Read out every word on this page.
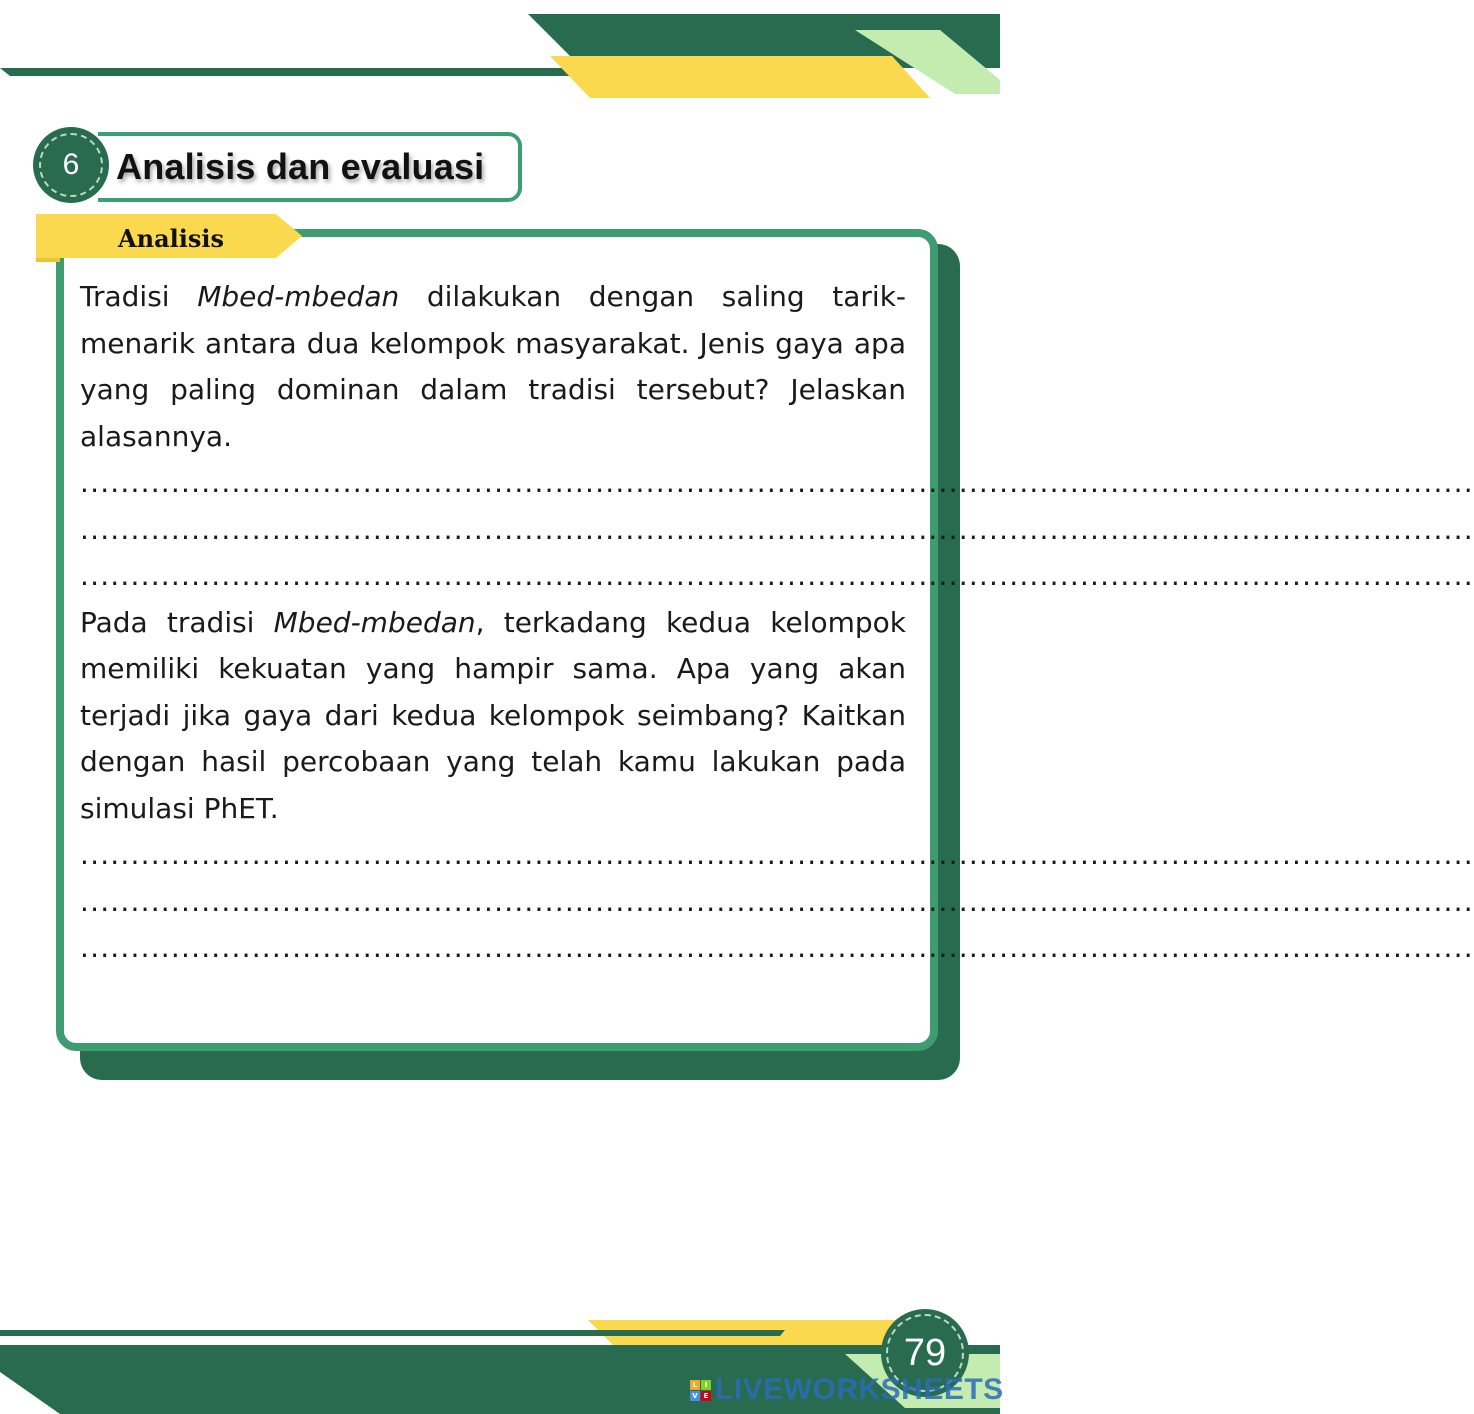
Analisis dan evaluasi
6
Analisis

Tradisi Mbed-mbedan dilakukan dengan saling tarik-menarik antara dua kelompok masyarakat. Jenis gaya apa yang paling dominan dalam tradisi tersebut? Jelaskan alasannya.

..........................................................................................................................................
..........................................................................................................................................
..........................................................................................................................................

Pada tradisi Mbed-mbedan, terkadang kedua kelompok memiliki kekuatan yang hampir sama. Apa yang akan terjadi jika gaya dari kedua kelompok seimbang? Kaitkan dengan hasil percobaan yang telah kamu lakukan pada simulasi PhET.

..........................................................................................................................................
..........................................................................................................................................
..........................................................................................................................................
79
L	I
V E LIVEWORKSHEETS
